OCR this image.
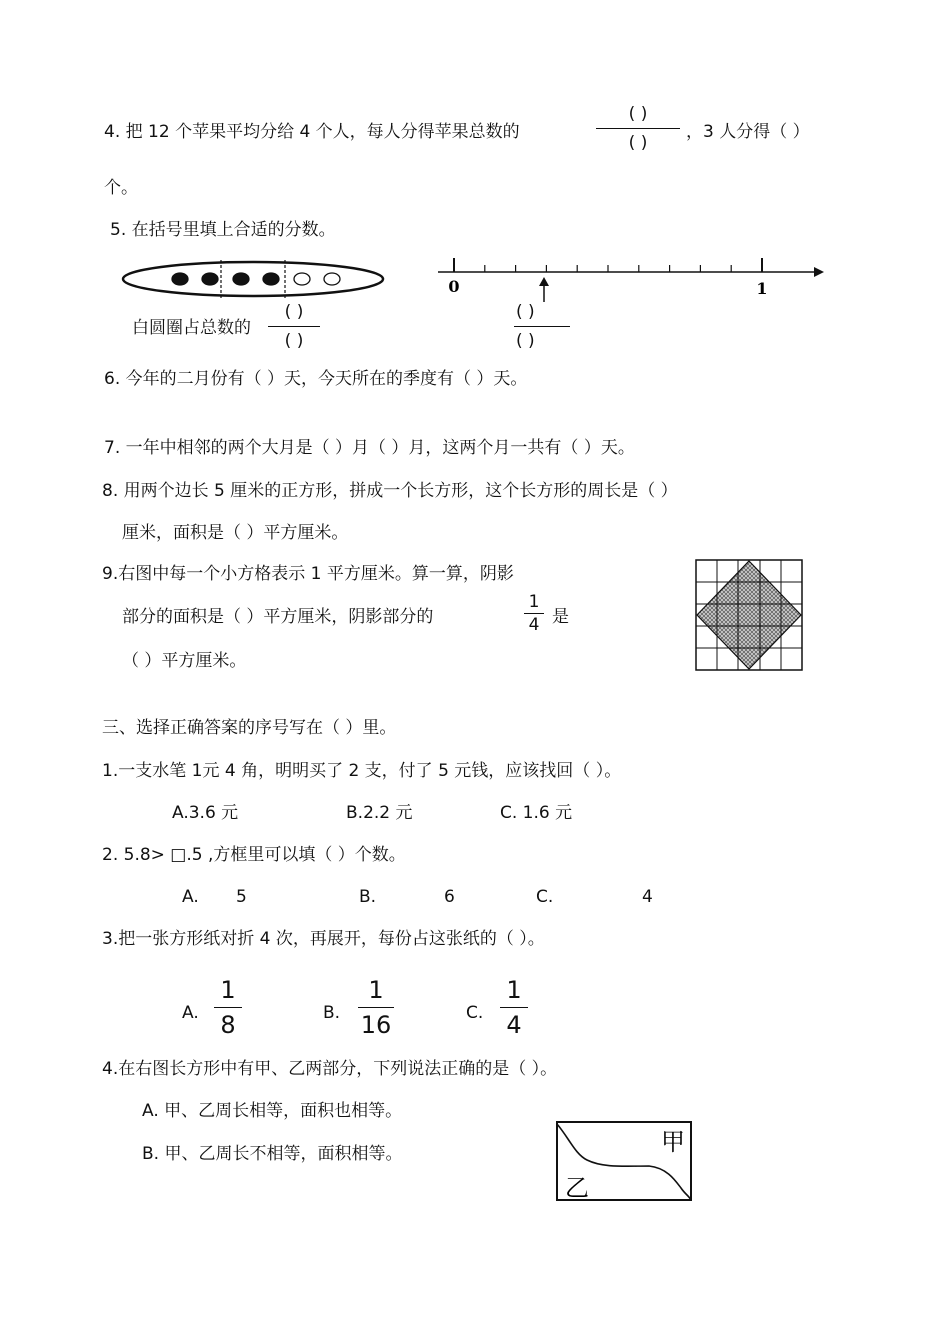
4. 把 12 个苹果平均分给 4 个人，每人分得苹果总数的
( )
( )
，3 人分得（ ）
个。
5. 在括号里填上合适的分数。
白圆圈占总数的
( )
( )
0	1
( )
( )
6. 今年的二月份有（ ）天，今天所在的季度有（ ）天。
7. 一年中相邻的两个大月是（ ）月（ ）月，这两个月一共有（ ）天。
8. 用两个边长 5 厘米的正方形，拼成一个长方形，这个长方形的周长是（ ）
厘米，面积是（ ）平方厘米。
9.右图中每一个小方格表示 1 平方厘米。算一算，阴影
部分的面积是（ ）平方厘米，阴影部分的
1
4 是
（ ）平方厘米。
三、选择正确答案的序号写在（ ）里。
1.一支水笔 1元 4 角，明明买了 2 支，付了 5 元钱，应该找回（ ）。
A.3.6 元	B.2.2 元	C. 1.6 元
2. 5.8> □.5 ,方框里可以填（ ）个数。
A. 5	B.	6	C.	4
3.把一张方形纸对折 4 次，再展开，每份占这张纸的（ ）。
A.
1
8	B.
1
16	C.
1
4
4.在右图长方形中有甲、乙两部分，下列说法正确的是（ ）。
A. 甲、乙周长相等，面积也相等。
B. 甲、乙周长不相等，面积相等。	甲
乙
